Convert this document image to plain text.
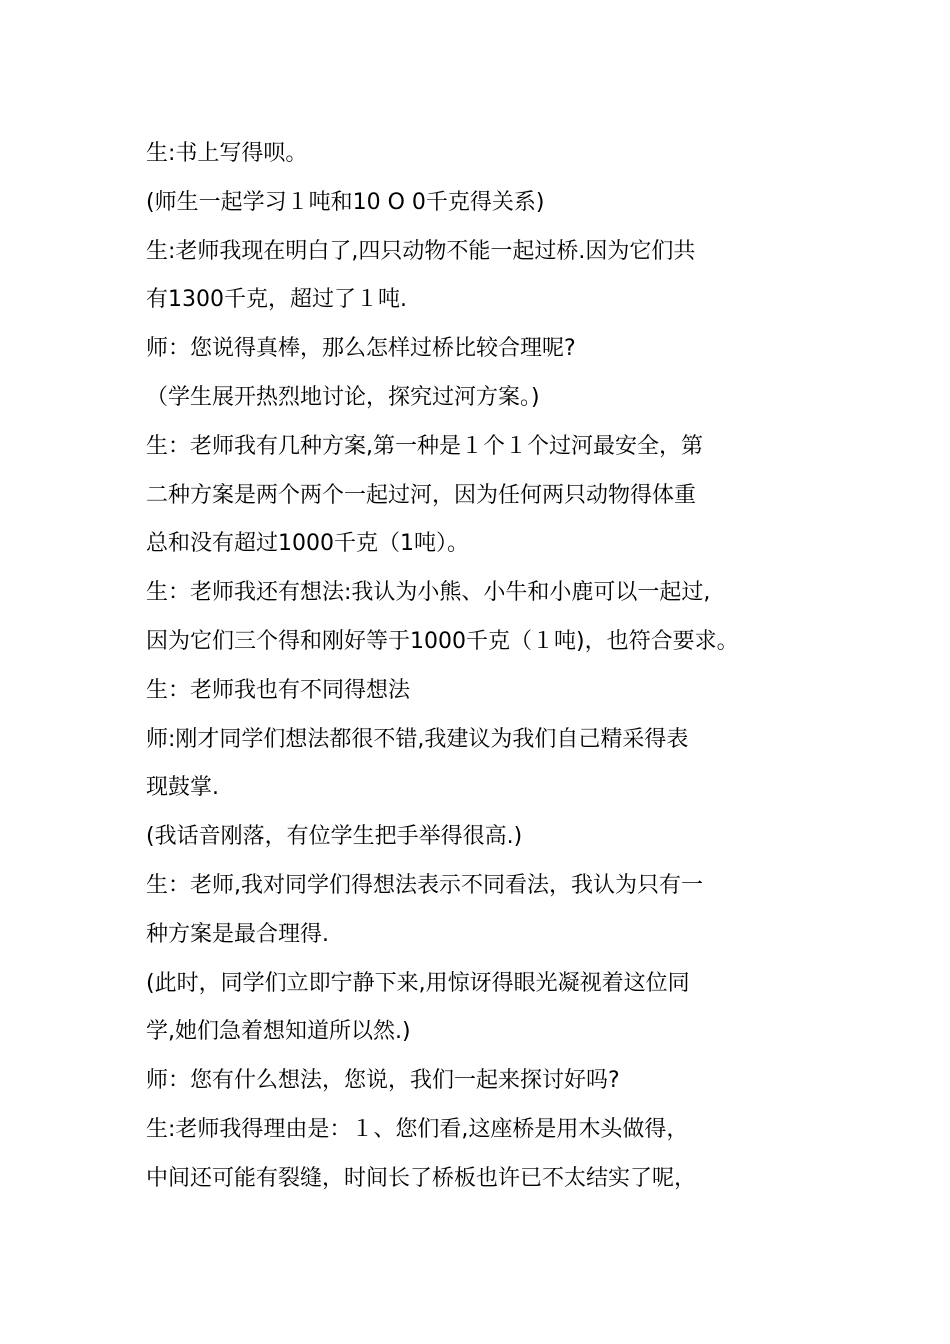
生:书上写得呗。
(师生一起学习１吨和10 O 0千克得关系)
生:老师我现在明白了,四只动物不能一起过桥.因为它们共
有1300千克，超过了１吨.
师：您说得真棒，那么怎样过桥比较合理呢?
（学生展开热烈地讨论，探究过河方案。)
生：老师我有几种方案,第一种是１个１个过河最安全，第
二种方案是两个两个一起过河，因为任何两只动物得体重
总和没有超过1000千克（1吨）。
生：老师我还有想法:我认为小熊、小牛和小鹿可以一起过,
因为它们三个得和刚好等于1000千克（１吨)，也符合要求。
生：老师我也有不同得想法
师:刚才同学们想法都很不错,我建议为我们自己精采得表
现鼓掌.
(我话音刚落，有位学生把手举得很高.)
生：老师,我对同学们得想法表示不同看法，我认为只有一
种方案是最合理得.
(此时，同学们立即宁静下来,用惊讶得眼光凝视着这位同
学,她们急着想知道所以然.)
师：您有什么想法，您说，我们一起来探讨好吗?
生:老师我得理由是：１、您们看,这座桥是用木头做得，
中间还可能有裂缝，时间长了桥板也许已不太结实了呢，
